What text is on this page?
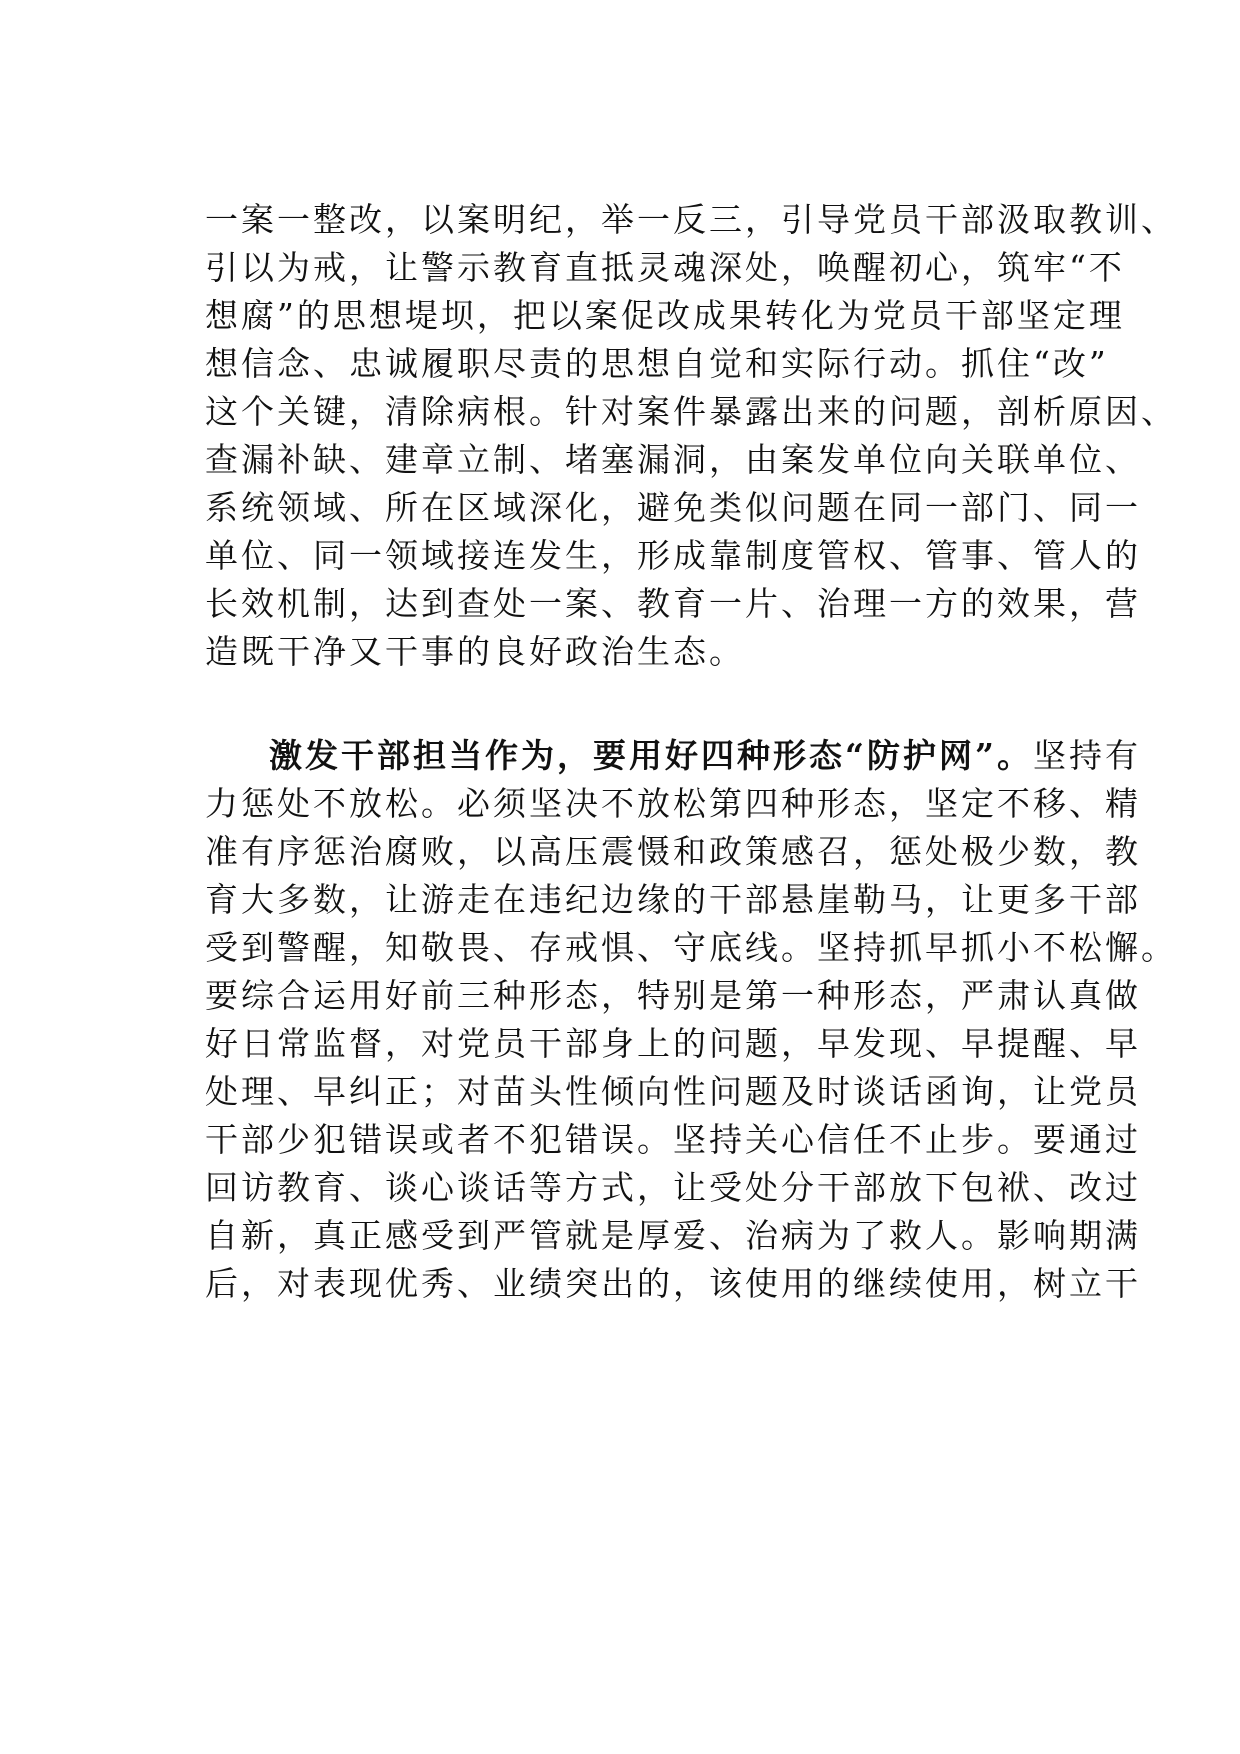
一案一整改，以案明纪，举一反三，引导党员干部汲取教训、
引以为戒，让警示教育直抵灵魂深处，唤醒初心，筑牢“不
想腐”的思想堤坝，把以案促改成果转化为党员干部坚定理
想信念、忠诚履职尽责的思想自觉和实际行动。抓住“改”
这个关键，清除病根。针对案件暴露出来的问题，剖析原因、
查漏补缺、建章立制、堵塞漏洞，由案发单位向关联单位、
系统领域、所在区域深化，避免类似问题在同一部门、同一
单位、同一领域接连发生，形成靠制度管权、管事、管人的
长效机制，达到查处一案、教育一片、治理一方的效果，营
造既干净又干事的良好政治生态。
激发干部担当作为，要用好四种形态“防护网”。坚持有
力惩处不放松。必须坚决不放松第四种形态，坚定不移、精
准有序惩治腐败，以高压震慑和政策感召，惩处极少数，教
育大多数，让游走在违纪边缘的干部悬崖勒马，让更多干部
受到警醒，知敬畏、存戒惧、守底线。坚持抓早抓小不松懈。
要综合运用好前三种形态，特别是第一种形态，严肃认真做
好日常监督，对党员干部身上的问题，早发现、早提醒、早
处理、早纠正；对苗头性倾向性问题及时谈话函询，让党员
干部少犯错误或者不犯错误。坚持关心信任不止步。要通过
回访教育、谈心谈话等方式，让受处分干部放下包袱、改过
自新，真正感受到严管就是厚爱、治病为了救人。影响期满
后，对表现优秀、业绩突出的，该使用的继续使用，树立干
